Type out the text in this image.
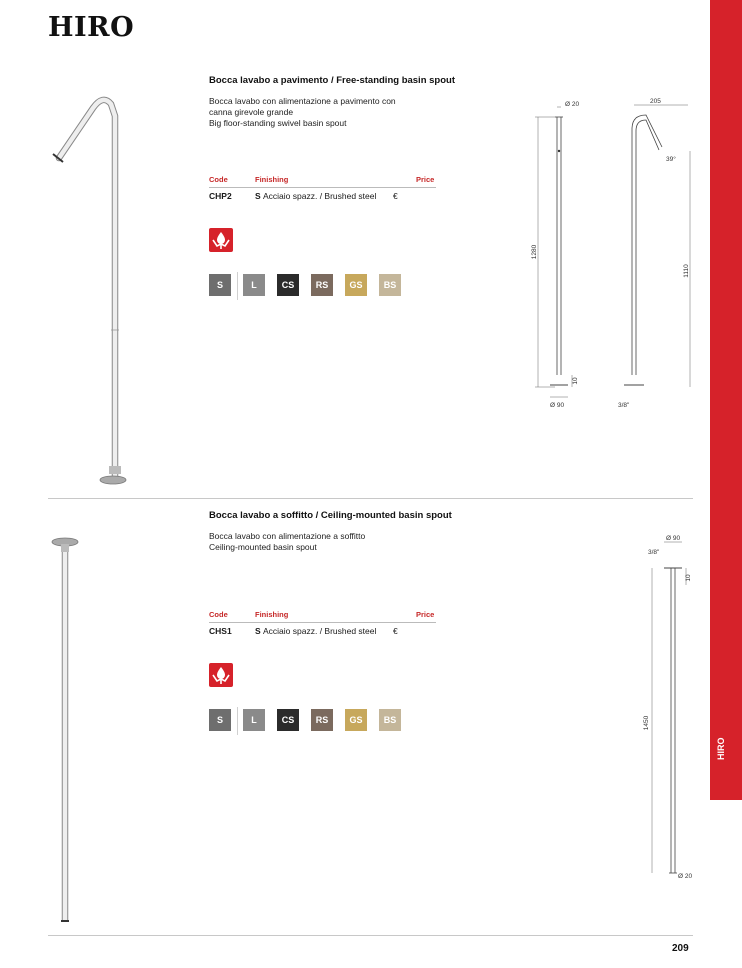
HIRO
HIRO
Bocca lavabo a pavimento / Free-standing basin spout
Bocca lavabo con alimentazione a pavimento con
canna girevole grande
Big floor-standing swivel basin spout
Code	Finishing	Price
CHP2	S Acciaio spazz. / Brushed steel €
S	L	CS RS GS BS
1280
Ø 20
10
Ø 90
205
39°
1110
3/8"
Bocca lavabo a soffitto / Ceiling-mounted basin spout
Bocca lavabo con alimentazione a soffitto
Ceiling-mounted basin spout
Code	Finishing	Price
CHS1	S Acciaio spazz. / Brushed steel €
S	L	CS RS GS BS
Ø 90
3/8"
10
1450
Ø 20
209
